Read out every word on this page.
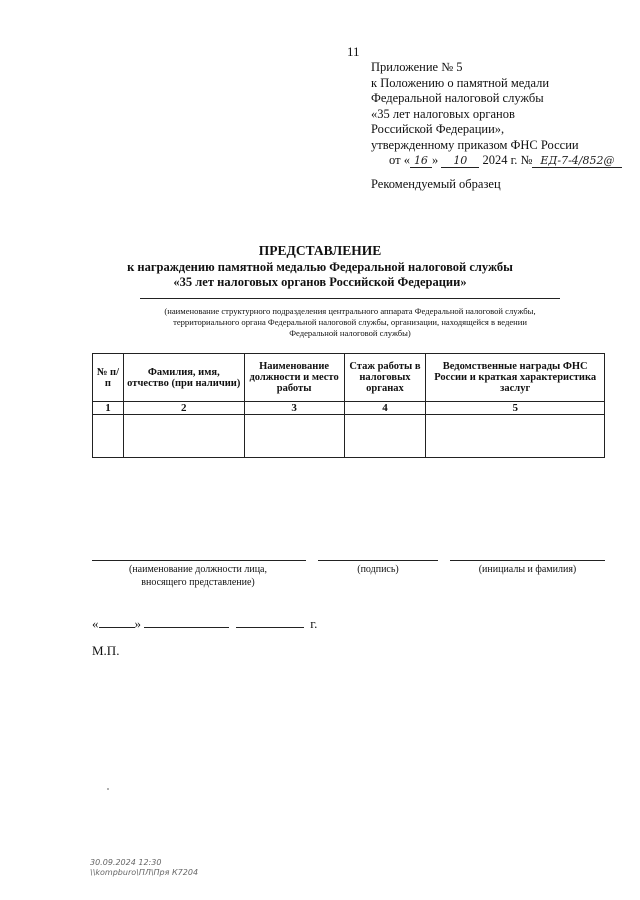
11
Приложение № 5
к Положению о памятной медали
Федеральной налоговой службы
«35 лет налоговых органов
Российской Федерации»,
утвержденному приказом ФНС России
от « 16 » 10 2024 г. № ЕД-7-4/852@
Рекомендуемый образец
ПРЕДСТАВЛЕНИЕ
к награждению памятной медалью Федеральной налоговой службы
«35 лет налоговых органов Российской Федерации»
(наименование структурного подразделения центрального аппарата Федеральной налоговой службы,
территориального органа Федеральной налоговой службы, организации, находящейся в ведении
Федеральной налоговой службы)
№ п/п	Фамилия, имя, отчество (при наличии)	Наименование должности и место работы	Стаж работы в налоговых органах	Ведомственные награды ФНС России и краткая характеристика заслуг
1	2	3	4	5

(наименование должности лица, вносящего представление)
(подпись)	(инициалы и фамилия)
«	»	г.
М.П.
30.09.2024 12:30
\\kompburo\ПЛ\Пря К7204
